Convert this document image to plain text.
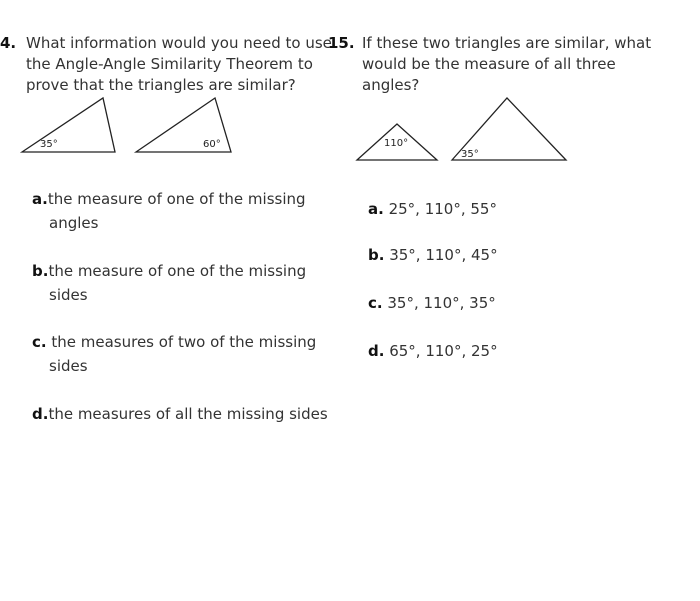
4. What information would you need to use
the Angle-Angle Similarity Theorem to
prove that the triangles are similar?
35°	60°
a.the measure of one of the missing
angles
b.the measure of one of the missing
sides
c. the measures of two of the missing
sides
d.the measures of all the missing sides
15. If these two triangles are similar, what
would be the measure of all three
angles?
110°
35°
a. 25°, 110°, 55°
b. 35°, 110°, 45°
c. 35°, 110°, 35°
d. 65°, 110°, 25°
